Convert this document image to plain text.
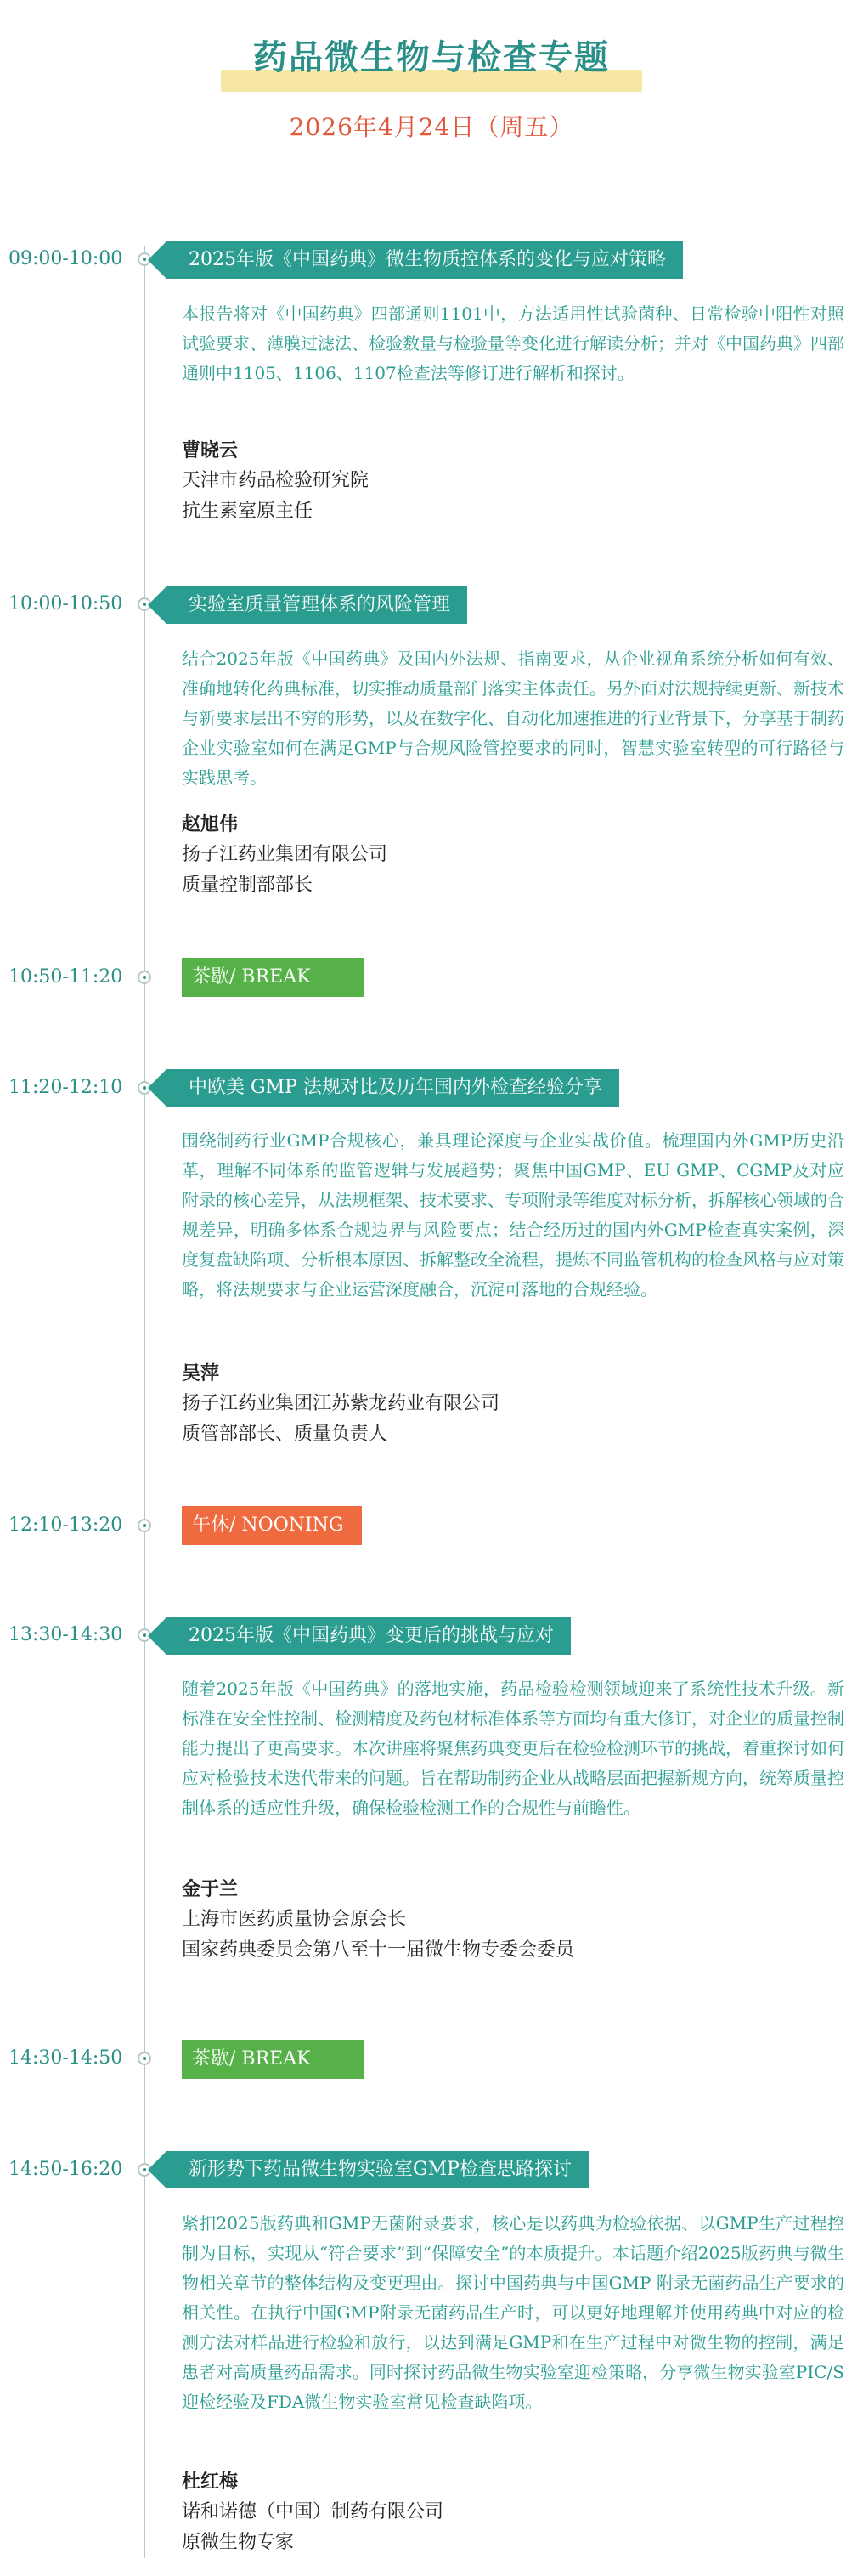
药品微生物与检查专题
2026年4月24日（周五）
09:00-10:00	2025年版《中国药典》微生物质控体系的变化与应对策略

本报告将对《中国药典》四部通则1101中，方法适用性试验菌种、日常检验中阳性对照试验要求、薄膜过滤法、检验数量与检验量等变化进行解读分析；并对《中国药典》四部通则中1105、1106、1107检查法等修订进行解析和探讨。

曹晓云
天津市药品检验研究院
抗生素室原主任
10:00-10:50	实验室质量管理体系的风险管理

结合2025年版《中国药典》及国内外法规、指南要求，从企业视角系统分析如何有效、准确地转化药典标准，切实推动质量部门落实主体责任。另外面对法规持续更新、新技术与新要求层出不穷的形势，以及在数字化、自动化加速推进的行业背景下，分享基于制药企业实验室如何在满足GMP与合规风险管控要求的同时，智慧实验室转型的可行路径与实践思考。

赵旭伟
扬子江药业集团有限公司
质量控制部部长
10:50-11:20	茶歇/ BREAK
11:20-12:10	中欧美 GMP 法规对比及历年国内外检查经验分享

围绕制药行业GMP合规核心，兼具理论深度与企业实战价值。梳理国内外GMP历史沿革，理解不同体系的监管逻辑与发展趋势；聚焦中国GMP、EU GMP、CGMP及对应附录的核心差异，从法规框架、技术要求、专项附录等维度对标分析，拆解核心领域的合规差异，明确多体系合规边界与风险要点；结合经历过的国内外GMP检查真实案例，深度复盘缺陷项、分析根本原因、拆解整改全流程，提炼不同监管机构的检查风格与应对策略，将法规要求与企业运营深度融合，沉淀可落地的合规经验。

吴萍
扬子江药业集团江苏紫龙药业有限公司
质管部部长、质量负责人
12:10-13:20	午休/ NOONING
13:30-14:30	2025年版《中国药典》变更后的挑战与应对

随着2025年版《中国药典》的落地实施，药品检验检测领域迎来了系统性技术升级。新标准在安全性控制、检测精度及药包材标准体系等方面均有重大修订，对企业的质量控制能力提出了更高要求。本次讲座将聚焦药典变更后在检验检测环节的挑战，着重探讨如何应对检验技术迭代带来的问题。旨在帮助制药企业从战略层面把握新规方向，统筹质量控制体系的适应性升级，确保检验检测工作的合规性与前瞻性。

金于兰
上海市医药质量协会原会长
国家药典委员会第八至十一届微生物专委会委员
14:30-14:50	茶歇/ BREAK
14:50-16:20	新形势下药品微生物实验室GMP检查思路探讨

紧扣2025版药典和GMP无菌附录要求，核心是以药典为检验依据、以GMP生产过程控制为目标，实现从“符合要求”到“保障安全”的本质提升。本话题介绍2025版药典与微生物相关章节的整体结构及变更理由。探讨中国药典与中国GMP 附录无菌药品生产要求的相关性。在执行中国GMP附录无菌药品生产时，可以更好地理解并使用药典中对应的检测方法对样品进行检验和放行，以达到满足GMP和在生产过程中对微生物的控制，满足患者对高质量药品需求。同时探讨药品微生物实验室迎检策略，分享微生物实验室PIC/S迎检经验及FDA微生物实验室常见检查缺陷项。

杜红梅
诺和诺德（中国）制药有限公司
原微生物专家
